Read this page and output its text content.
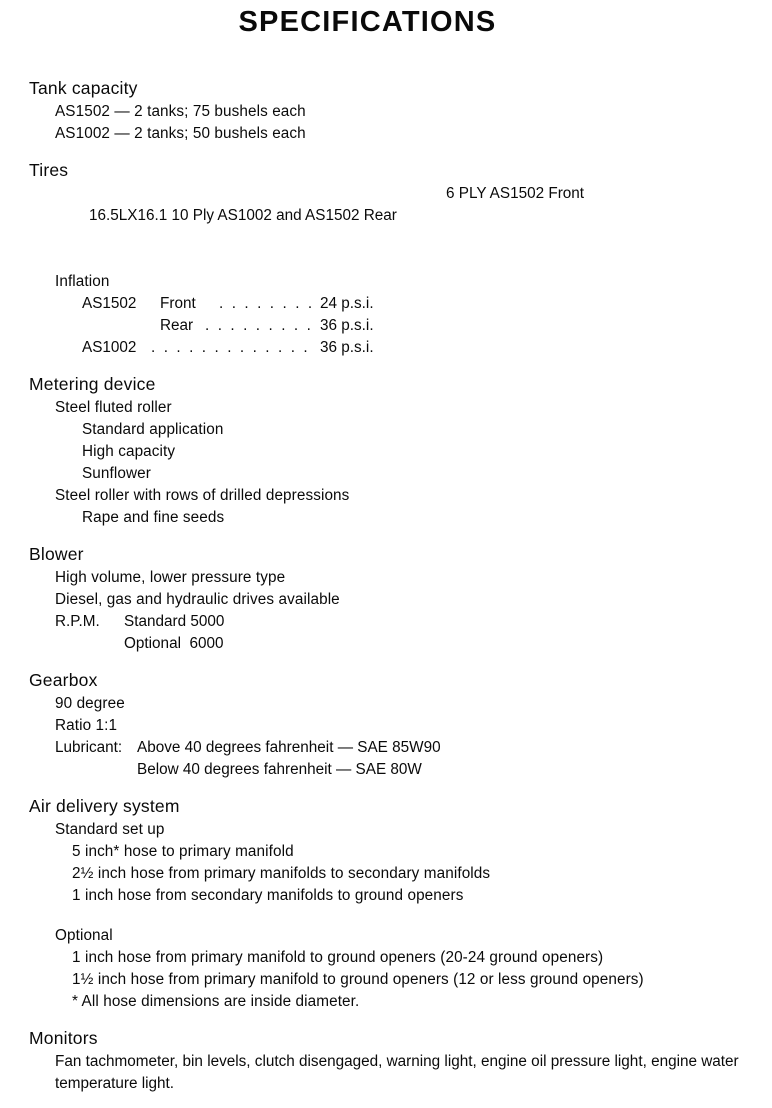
SPECIFICATIONS
Tank capacity
AS1502 — 2 tanks; 75 bushels each
AS1002 — 2 tanks; 50 bushels each
Tires

16.5LX16.1 10 Ply AS1002 and AS1502 Rear

6 PLY AS1502 Front

Inflation

AS1502

Front

. . . . . . . .

24 p.s.i.

Rear

. . . . . . . . .

36 p.s.i.

AS1002

. . . . . . . . . . . . .

36 p.s.i.

Metering device
Steel fluted roller
Standard application
High capacity
Sunflower
Steel roller with rows of drilled depressions
Rape and fine seeds
Blower
High volume, lower pressure type
Diesel, gas and hydraulic drives available

R.P.M.

Standard 5000

Optional  6000

Gearbox
90 degree
Ratio 1:1

Lubricant:

Above 40 degrees fahrenheit — SAE 85W90

Below 40 degrees fahrenheit — SAE 80W

Air delivery system
Standard set up
5 inch* hose to primary manifold
2½ inch hose from primary manifolds to secondary manifolds
1 inch hose from secondary manifolds to ground openers
Optional
1 inch hose from primary manifold to ground openers (20-24 ground openers)
1½ inch hose from primary manifold to ground openers (12 or less ground openers)
* All hose dimensions are inside diameter.
Monitors
Fan tachmometer, bin levels, clutch disengaged, warning light, engine oil pressure light, engine water temperature light.
